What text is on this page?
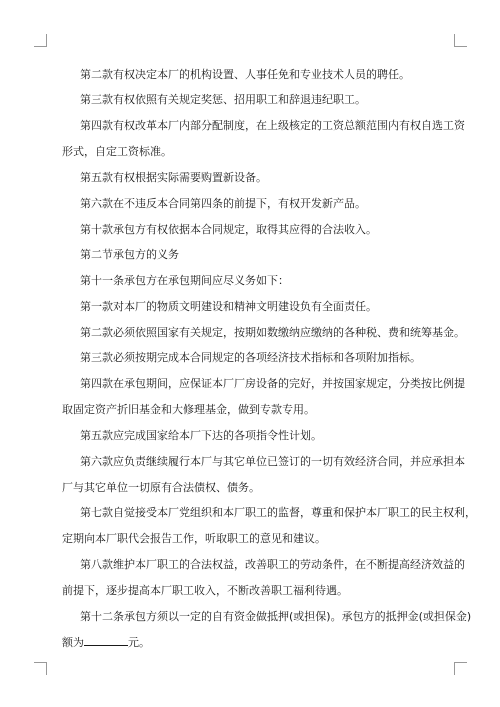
第二款有权决定本厂的机构设置、人事任免和专业技术人员的聘任。
第三款有权依照有关规定奖惩、招用职工和辞退违纪职工。
第四款有权改革本厂内部分配制度，在上级核定的工资总额范围内有权自选工资
形式，自定工资标准。
第五款有权根据实际需要购置新设备。
第六款在不违反本合同第四条的前提下，有权开发新产品。
第十款承包方有权依据本合同规定，取得其应得的合法收入。
第二节承包方的义务
第十一条承包方在承包期间应尽义务如下：
第一款对本厂的物质文明建设和精神文明建设负有全面责任。
第二款必须依照国家有关规定，按期如数缴纳应缴纳的各种税、费和统筹基金。
第三款必须按期完成本合同规定的各项经济技术指标和各项附加指标。
第四款在承包期间，应保证本厂厂房设备的完好，并按国家规定，分类按比例提
取固定资产折旧基金和大修理基金，做到专款专用。
第五款应完成国家给本厂下达的各项指令性计划。
第六款应负责继续履行本厂与其它单位已签订的一切有效经济合同，并应承担本
厂与其它单位一切原有合法债权、债务。
第七款自觉接受本厂党组织和本厂职工的监督，尊重和保护本厂职工的民主权利，
定期向本厂职代会报告工作，听取职工的意见和建议。
第八款维护本厂职工的合法权益，改善职工的劳动条件，在不断提高经济效益的
前提下，逐步提高本厂职工收入，不断改善职工福利待遇。
第十二条承包方须以一定的自有资金做抵押(或担保)。承包方的抵押金(或担保金)
额为	元。
